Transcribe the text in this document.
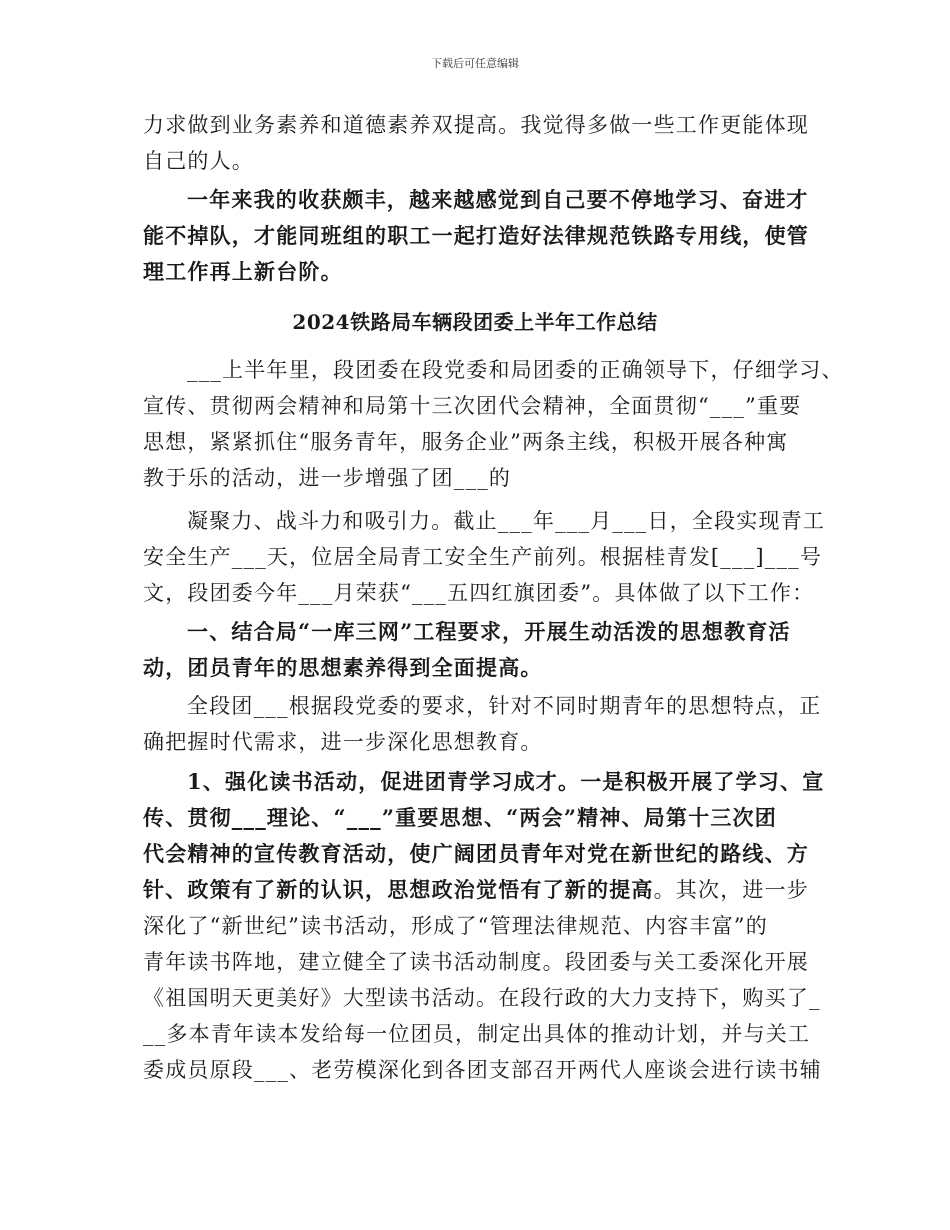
下载后可任意编辑
力求做到业务素养和道德素养双提高。我觉得多做一些工作更能体现
自己的人。
一年来我的收获颇丰，越来越感觉到自己要不停地学习、奋进才
能不掉队，才能同班组的职工一起打造好法律规范铁路专用线，使管
理工作再上新台阶。
2024铁路局车辆段团委上半年工作总结
___上半年里，段团委在段党委和局团委的正确领导下，仔细学习、
宣传、贯彻两会精神和局第十三次团代会精神，全面贯彻“___”重要
思想，紧紧抓住“服务青年，服务企业”两条主线，积极开展各种寓
教于乐的活动，进一步增强了团___的
凝聚力、战斗力和吸引力。截止___年___月___日，全段实现青工
安全生产___天，位居全局青工安全生产前列。根据桂青发[___]___号
文，段团委今年___月荣获“___五四红旗团委”。具体做了以下工作：
一、结合局“一库三网”工程要求，开展生动活泼的思想教育活
动，团员青年的思想素养得到全面提高。
全段团___根据段党委的要求，针对不同时期青年的思想特点，正
确把握时代需求，进一步深化思想教育。
1、强化读书活动，促进团青学习成才。一是积极开展了学习、宣
传、贯彻___理论、“___”重要思想、“两会”精神、局第十三次团
代会精神的宣传教育活动，使广阔团员青年对党在新世纪的路线、方
针、政策有了新的认识，思想政治觉悟有了新的提高。其次，进一步
深化了“新世纪”读书活动，形成了“管理法律规范、内容丰富”的
青年读书阵地，建立健全了读书活动制度。段团委与关工委深化开展
《祖国明天更美好》大型读书活动。在段行政的大力支持下，购买了_
__多本青年读本发给每一位团员，制定出具体的推动计划，并与关工
委成员原段___、老劳模深化到各团支部召开两代人座谈会进行读书辅
